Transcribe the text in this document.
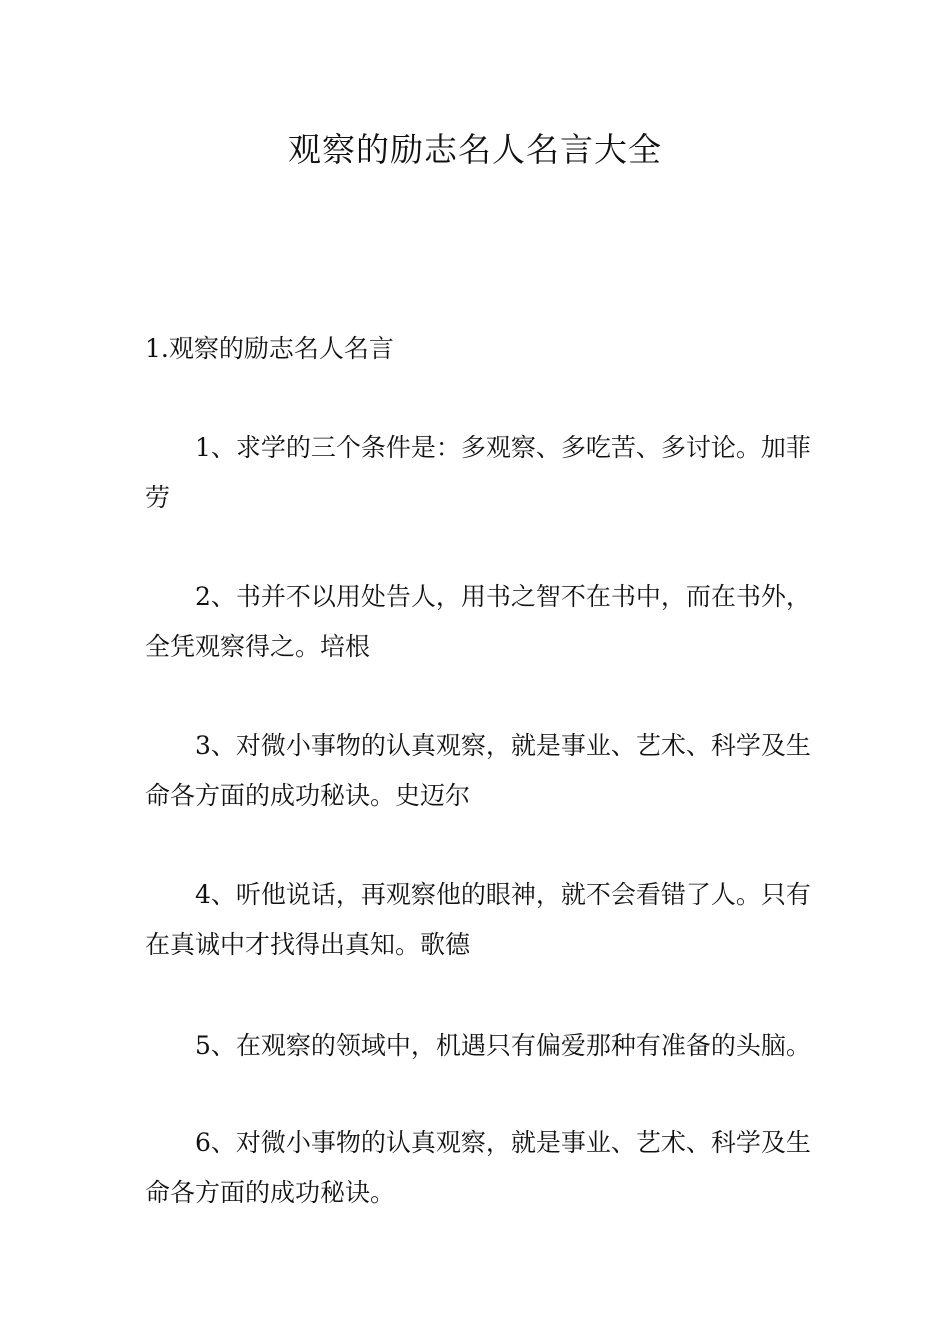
观察的励志名人名言大全
1.观察的励志名人名言

1、求学的三个条件是：多观察、多吃苦、多讨论。加菲劳

2、书并不以用处告人，用书之智不在书中，而在书外，全凭观察得之。培根

3、对微小事物的认真观察，就是事业、艺术、科学及生命各方面的成功秘诀。史迈尔

4、听他说话，再观察他的眼神，就不会看错了人。只有在真诚中才找得出真知。歌德

5、在观察的领域中，机遇只有偏爱那种有准备的头脑。

6、对微小事物的认真观察，就是事业、艺术、科学及生命各方面的成功秘诀。
